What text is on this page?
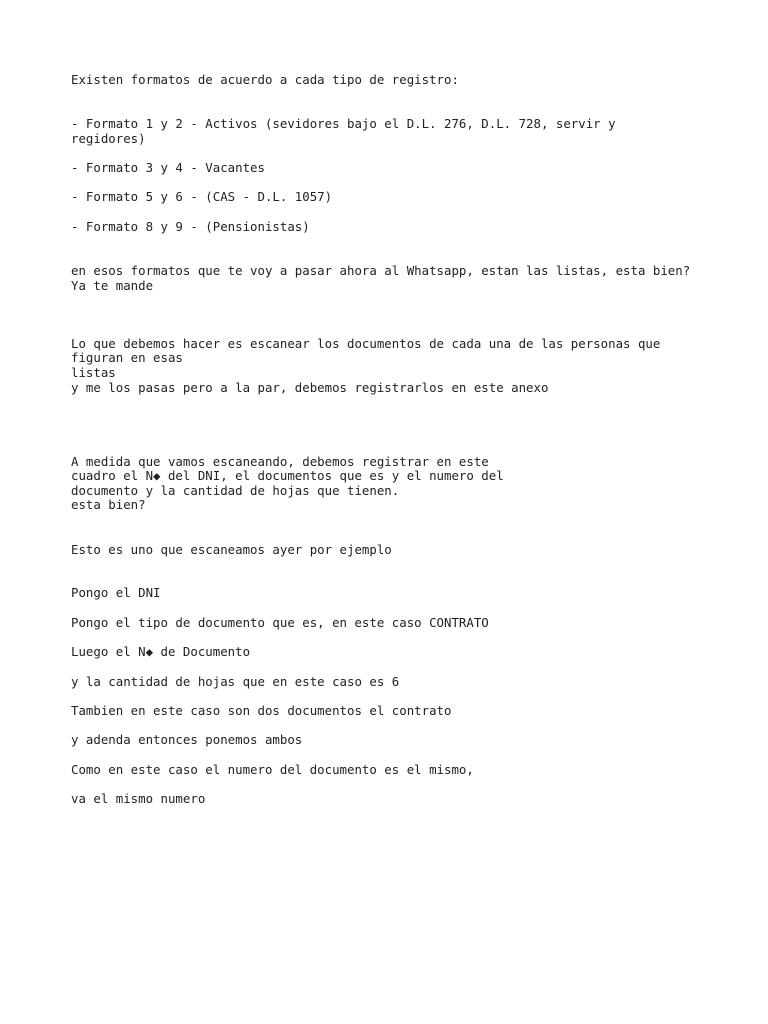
Existen formatos de acuerdo a cada tipo de registro:

- Formato 1 y 2 - Activos (sevidores bajo el D.L. 276, D.L. 728, servir y

regidores)

- Formato 3 y 4 - Vacantes

- Formato 5 y 6 - (CAS - D.L. 1057)

- Formato 8 y 9 - (Pensionistas)

en esos formatos que te voy a pasar ahora al Whatsapp, estan las listas, esta bien?

Ya te mande

Lo que debemos hacer es escanear los documentos de cada una de las personas que

figuran en esas

listas

y me los pasas pero a la par, debemos registrarlos en este anexo

A medida que vamos escaneando, debemos registrar en este

cuadro el N◆ del DNI, el documentos que es y el numero del

documento y la cantidad de hojas que tienen.

esta bien?

Esto es uno que escaneamos ayer por ejemplo

Pongo el DNI

Pongo el tipo de documento que es, en este caso CONTRATO

Luego el N◆ de Documento

y la cantidad de hojas que en este caso es 6

Tambien en este caso son dos documentos el contrato

y adenda entonces ponemos ambos

Como en este caso el numero del documento es el mismo,

va el mismo numero
